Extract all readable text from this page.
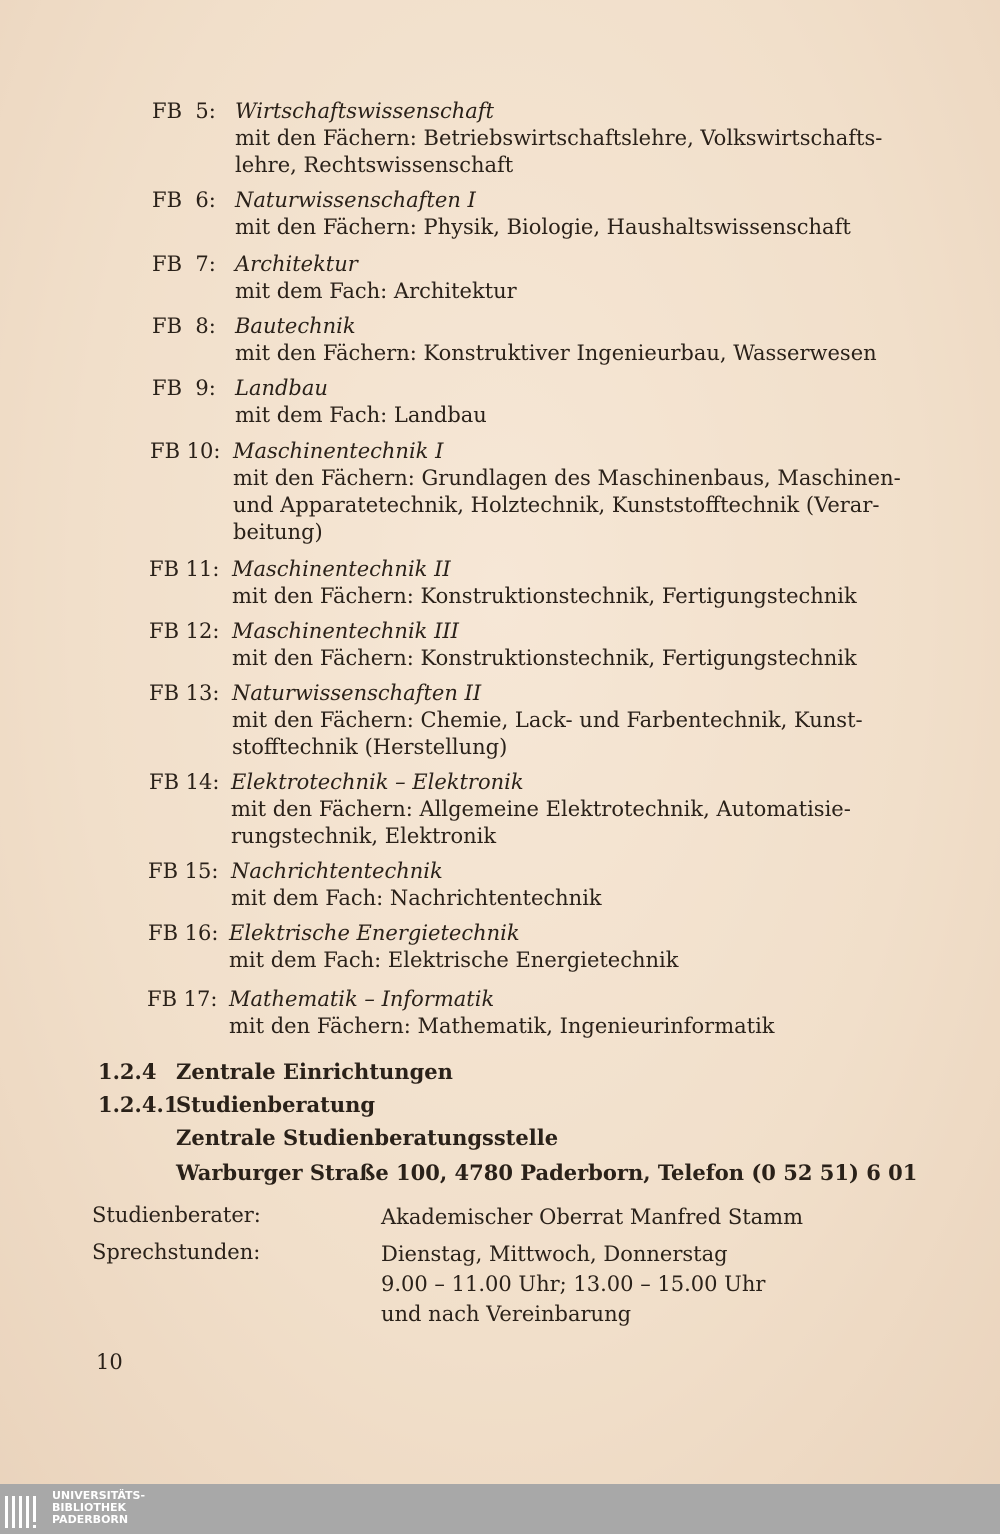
FB  5: Wirtschaftswissenschaft
mit den Fächern: Betriebswirtschaftslehre, Volkswirtschafts-
lehre, Rechtswissenschaft
FB  6: Naturwissenschaften I
mit den Fächern: Physik, Biologie, Haushaltswissenschaft
FB  7: Architektur
mit dem Fach: Architektur
FB  8: Bautechnik
mit den Fächern: Konstruktiver Ingenieurbau, Wasserwesen
FB  9: Landbau
mit dem Fach: Landbau
FB 10: Maschinentechnik I
mit den Fächern: Grundlagen des Maschinenbaus, Maschinen-
und Apparatetechnik, Holztechnik, Kunststofftechnik (Verar-
beitung)
FB 11: Maschinentechnik II
mit den Fächern: Konstruktionstechnik, Fertigungstechnik
FB 12: Maschinentechnik III
mit den Fächern: Konstruktionstechnik, Fertigungstechnik
FB 13: Naturwissenschaften II
mit den Fächern: Chemie, Lack- und Farbentechnik, Kunst-
stofftechnik (Herstellung)
FB 14: Elektrotechnik – Elektronik
mit den Fächern: Allgemeine Elektrotechnik, Automatisie-
rungstechnik, Elektronik
FB 15: Nachrichtentechnik
mit dem Fach: Nachrichtentechnik
FB 16: Elektrische Energietechnik
mit dem Fach: Elektrische Energietechnik
FB 17: Mathematik – Informatik
mit den Fächern: Mathematik, Ingenieurinformatik
1.2.4 Zentrale Einrichtungen
1.2.4.1
Studienberatung
Zentrale Studienberatungsstelle
Warburger Straße 100, 4780 Paderborn, Telefon (0 52 51) 6 01
Studienberater:	Akademischer Oberrat Manfred Stamm
Sprechstunden:	Dienstag, Mittwoch, Donnerstag
9.00 – 11.00 Uhr; 13.00 – 15.00 Uhr
und nach Vereinbarung
10
UNIVERSITÄTS-
BIBLIOTHEK
PADERBORN
